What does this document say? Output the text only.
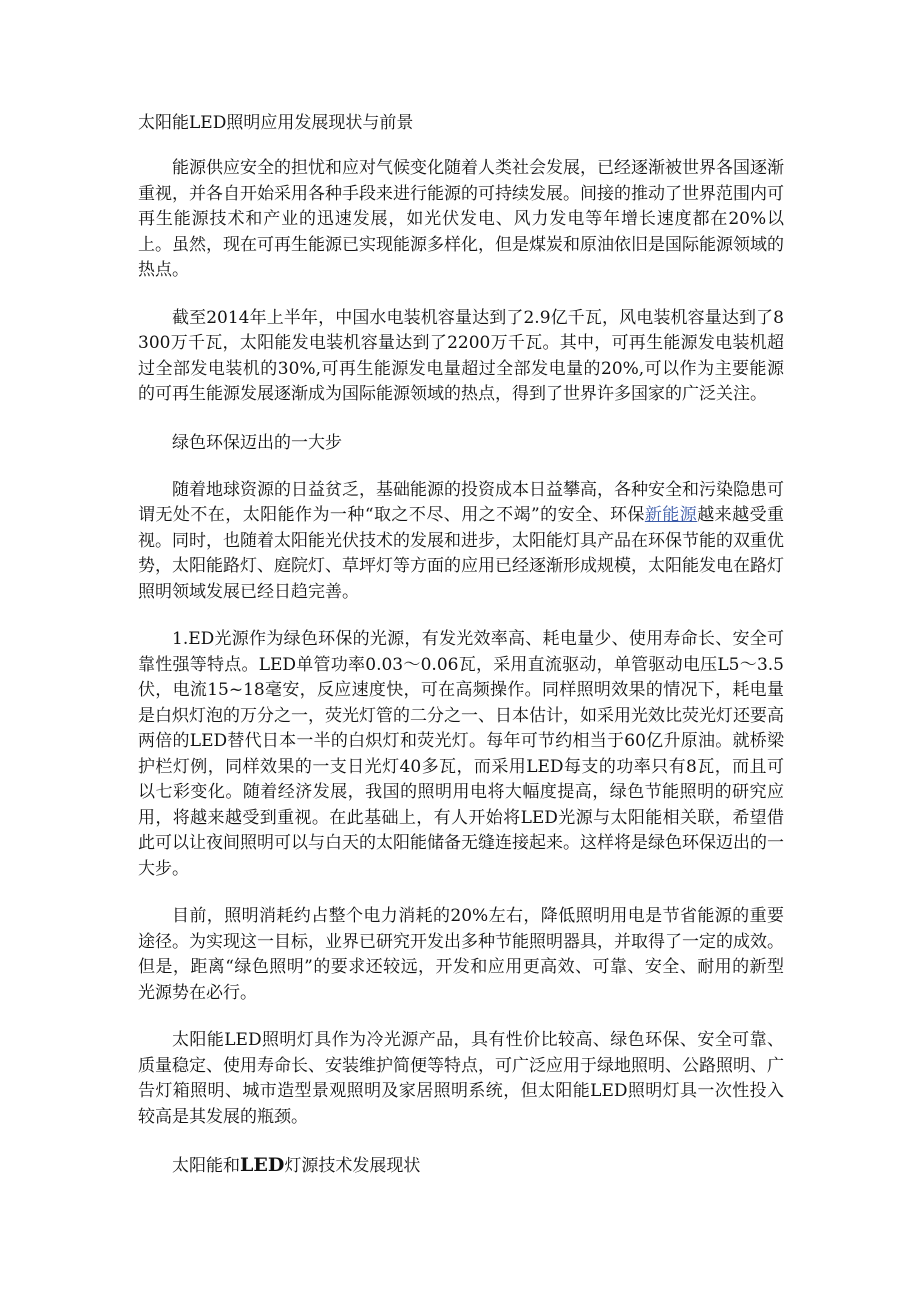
太阳能LED照明应用发展现状与前景

能源供应安全的担忧和应对气候变化随着人类社会发展，已经逐渐被世界各国逐渐重视，并各自开始采用各种手段来进行能源的可持续发展。间接的推动了世界范围内可再生能源技术和产业的迅速发展，如光伏发电、风力发电等年增长速度都在20%以上。虽然，现在可再生能源已实现能源多样化，但是煤炭和原油依旧是国际能源领域的热点。

截至2014年上半年，中国水电装机容量达到了2.9亿千瓦，风电装机容量达到了8300万千瓦，太阳能发电装机容量达到了2200万千瓦。其中，可再生能源发电装机超过全部发电装机的30%,可再生能源发电量超过全部发电量的20%,可以作为主要能源的可再生能源发展逐渐成为国际能源领域的热点，得到了世界许多国家的广泛关注。

绿色环保迈出的一大步

随着地球资源的日益贫乏，基础能源的投资成本日益攀高，各种安全和污染隐患可谓无处不在，太阳能作为一种“取之不尽、用之不竭”的安全、环保新能源越来越受重视。同时，也随着太阳能光伏技术的发展和进步，太阳能灯具产品在环保节能的双重优势，太阳能路灯、庭院灯、草坪灯等方面的应用已经逐渐形成规模，太阳能发电在路灯照明领域发展已经日趋完善。

1.ED光源作为绿色环保的光源，有发光效率高、耗电量少、使用寿命长、安全可靠性强等特点。LED单管功率0.03～0.06瓦，采用直流驱动，单管驱动电压L5～3.5伏，电流15~18毫安，反应速度快，可在高频操作。同样照明效果的情况下，耗电量是白炽灯泡的万分之一，荧光灯管的二分之一、日本估计，如采用光效比荧光灯还要高两倍的LED替代日本一半的白炽灯和荧光灯。每年可节约相当于60亿升原油。就桥梁护栏灯例，同样效果的一支日光灯40多瓦，而采用LED每支的功率只有8瓦，而且可以七彩变化。随着经济发展，我国的照明用电将大幅度提高，绿色节能照明的研究应用，将越来越受到重视。在此基础上，有人开始将LED光源与太阳能相关联，希望借此可以让夜间照明可以与白天的太阳能储备无缝连接起来。这样将是绿色环保迈出的一大步。

目前，照明消耗约占整个电力消耗的20%左右，降低照明用电是节省能源的重要途径。为实现这一目标，业界已研究开发出多种节能照明器具，并取得了一定的成效。但是，距离“绿色照明”的要求还较远，开发和应用更高效、可靠、安全、耐用的新型光源势在必行。

太阳能LED照明灯具作为冷光源产品，具有性价比较高、绿色环保、安全可靠、质量稳定、使用寿命长、安装维护简便等特点，可广泛应用于绿地照明、公路照明、广告灯箱照明、城市造型景观照明及家居照明系统，但太阳能LED照明灯具一次性投入较高是其发展的瓶颈。

太阳能和LED灯源技术发展现状
